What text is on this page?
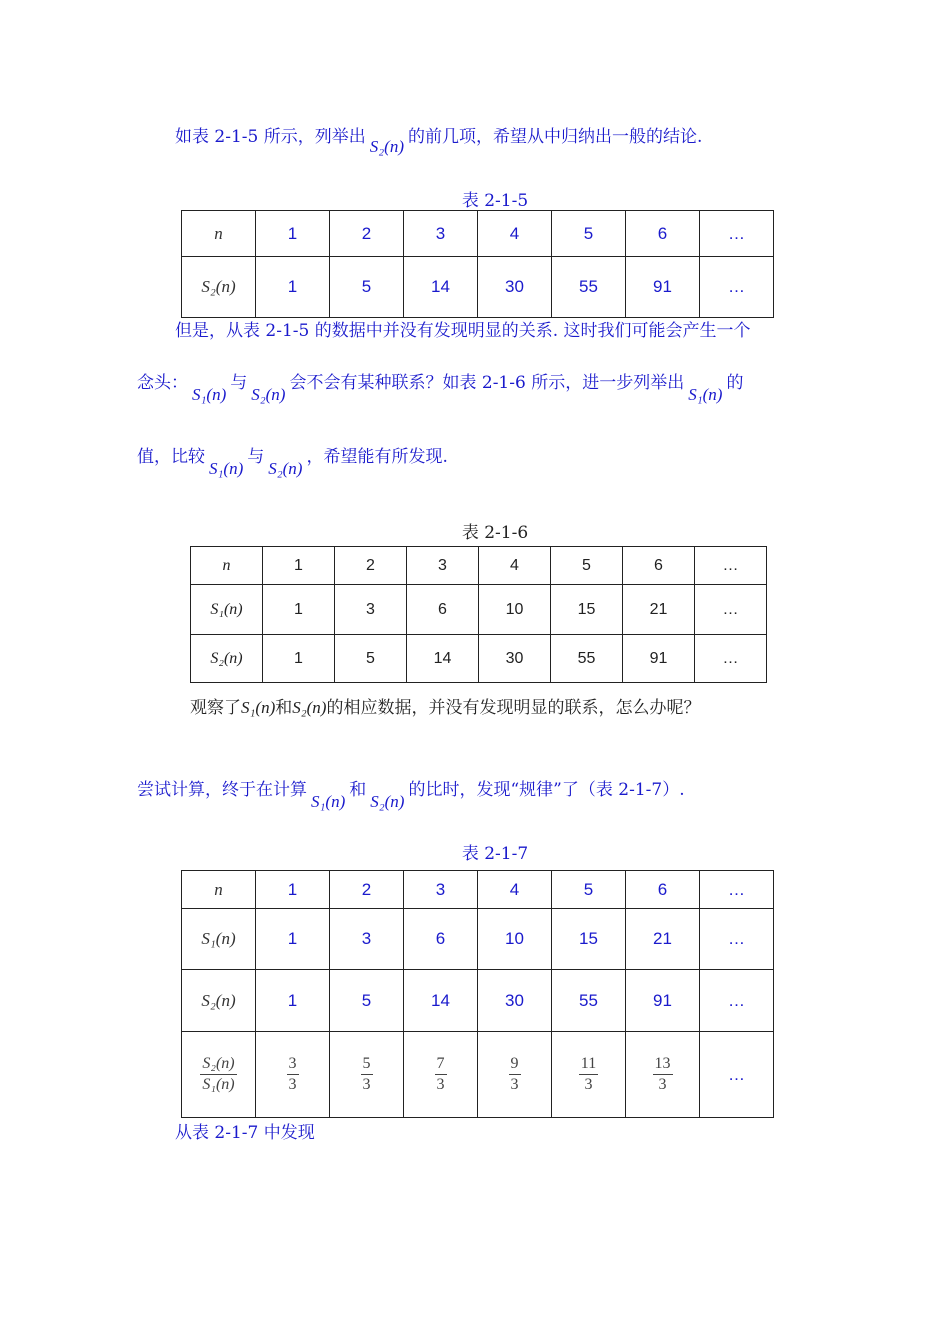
如表 2-1-5 所示，列举出 S₂(n) 的前几项，希望从中归纳出一般的结论.
表 2-1-5
n	1	2	3	4	5	6	…
S₂(n)	1	5	14	30	55	91	…
但是，从表 2-1-5 的数据中并没有发现明显的关系. 这时我们可能会产生一个
念头：S₁(n)与S₂(n)会不会有某种联系？如表 2-1-6 所示，进一步列举出S₁(n)的
值，比较S₁(n)与S₂(n)，希望能有所发现.
表 2-1-6
n	1	2	3	4	5	6	…
S₁(n)	1	3	6	10	15	21	…
S₂(n)	1	5	14	30	55	91	…
观察了S₁(n)和S₂(n)的相应数据，并没有发现明显的联系，怎么办呢？
尝试计算，终于在计算S₁(n)和S₂(n)的比时，发现“规律”了（表 2-1-7）.
表 2-1-7
n	1	2	3	4	5	6	…
S₁(n)	1	3	6	10	15	21	…
S₂(n)	1	5	14	30	55	91	…

$\frac{\text{S₂(n)}}{\text{S₁(n)}}$	$\frac{3}{3}$	$\frac{5}{3}$	$\frac{7}{3}$	$\frac{9}{3}$	$\frac{11}{3}$	$\frac{13}{3}$	…
从表 2-1-7 中发现
